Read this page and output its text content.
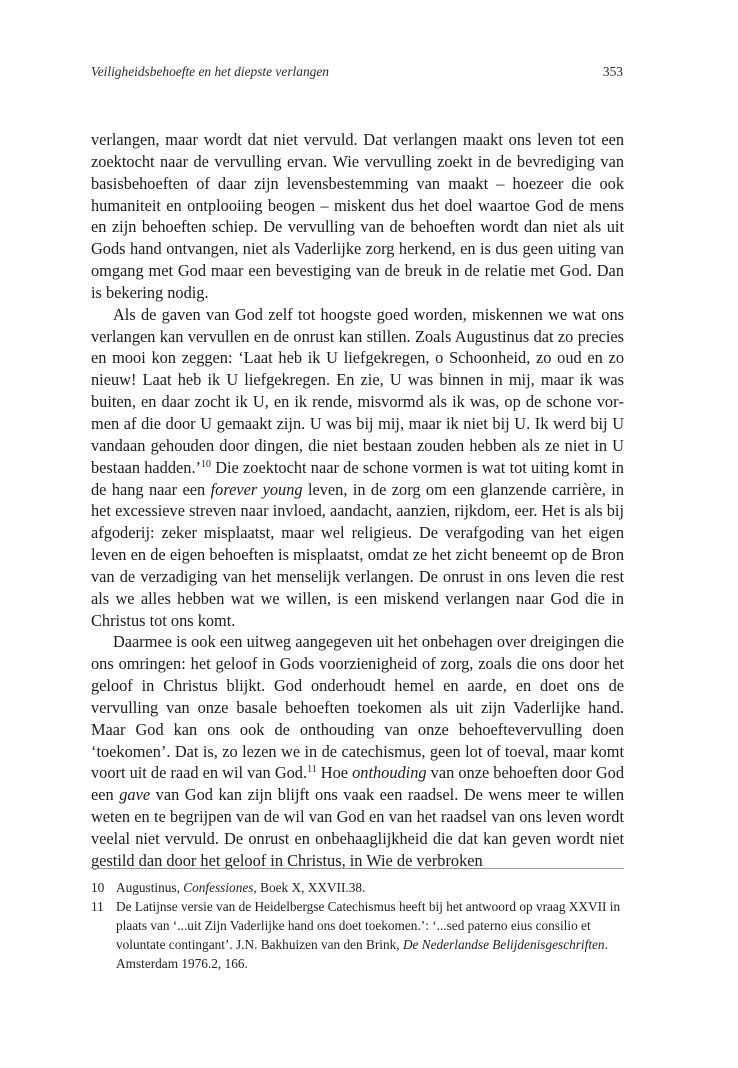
Veiligheidsbehoefte en het diepste verlangen	353

verlangen, maar wordt dat niet vervuld. Dat verlangen maakt ons leven tot een zoektocht naar de vervulling ervan. Wie vervulling zoekt in de bevrediging van basisbehoeften of daar zijn levensbestemming van maakt – hoezeer die ook humaniteit en ontplooiing beogen – miskent dus het doel waartoe God de mens en zijn behoeften schiep. De vervulling van de behoeften wordt dan niet als uit Gods hand ontvangen, niet als Vaderlijke zorg herkend, en is dus geen uiting van omgang met God maar een bevestiging van de breuk in de relatie met God. Dan is bekering nodig.

Als de gaven van God zelf tot hoogste goed worden, miskennen we wat ons verlangen kan vervullen en de onrust kan stillen. Zoals Augustinus dat zo precies en mooi kon zeggen: ‘Laat heb ik U liefgekregen, o Schoonheid, zo oud en zo nieuw! Laat heb ik U liefgekregen. En zie, U was binnen in mij, maar ik was buiten, en daar zocht ik U, en ik rende, misvormd als ik was, op de schone vormen af die door U gemaakt zijn. U was bij mij, maar ik niet bij U. Ik werd bij U vandaan gehouden door dingen, die niet bestaan zouden hebben als ze niet in U bestaan hadden.’$^{10}$ Die zoektocht naar de schone vormen is wat tot uiting komt in de hang naar een forever young leven, in de zorg om een glanzende carrière, in het excessieve streven naar invloed, aandacht, aanzien, rijkdom, eer. Het is als bij afgoderij: zeker misplaatst, maar wel religieus. De verafgoding van het eigen leven en de eigen behoeften is misplaatst, omdat ze het zicht beneemt op de Bron van de verzadiging van het menselijk verlangen. De onrust in ons leven die rest als we alles hebben wat we willen, is een miskend verlangen naar God die in Christus tot ons komt.

Daarmee is ook een uitweg aangegeven uit het onbehagen over dreigingen die ons omringen: het geloof in Gods voorzienigheid of zorg, zoals die ons door het geloof in Christus blijkt. God onderhoudt hemel en aarde, en doet ons de vervulling van onze basale behoeften toekomen als uit zijn Vaderlijke hand. Maar God kan ons ook de onthouding van onze behoeftevervulling doen ‘toekomen’. Dat is, zo lezen we in de catechismus, geen lot of toeval, maar komt voort uit de raad en wil van God.$^{11}$ Hoe onthouding van onze behoeften door God een gave van God kan zijn blijft ons vaak een raadsel. De wens meer te willen weten en te begrijpen van de wil van God en van het raadsel van ons leven wordt veelal niet vervuld. De onrust en onbehaaglijkheid die dat kan geven wordt niet gestild dan door het geloof in Christus, in Wie de verbroken

10 Augustinus, Confessiones, Boek X, XXVII.38.
11 De Latijnse versie van de Heidelbergse Catechismus heeft bij het antwoord op vraag XXVII in plaats van ‘...uit Zijn Vaderlijke hand ons doet toekomen.’: ‘...sed paterno eius consilio et voluntate contingant’. J.N. Bakhuizen van den Brink, De Nederlandse Belijdenisgeschriften. Amsterdam 1976.2, 166.
